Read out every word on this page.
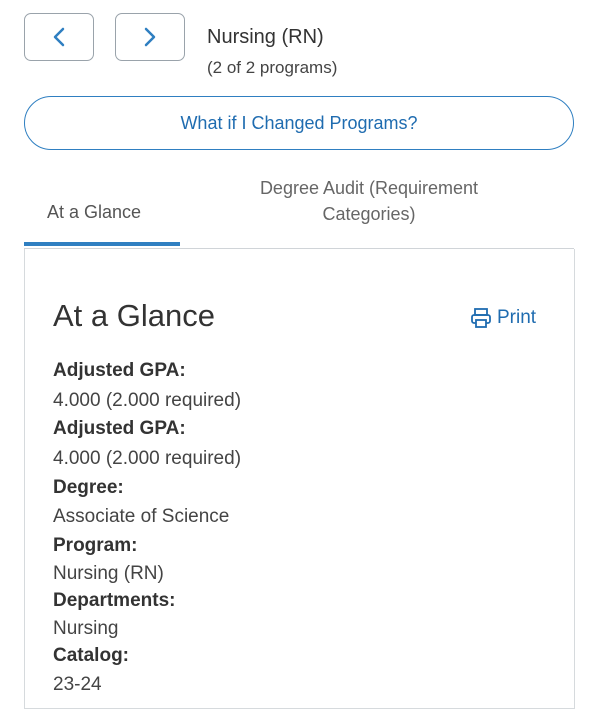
Nursing (RN)
(2 of 2 programs)
What if I Changed Programs?
At a Glance
Degree Audit (Requirement
Categories)
At a Glance	Print
Adjusted GPA:
4.000 (2.000 required)
Adjusted GPA:
4.000 (2.000 required)
Degree:
Associate of Science
Program:
Nursing (RN)
Departments:
Nursing
Catalog:
23-24
